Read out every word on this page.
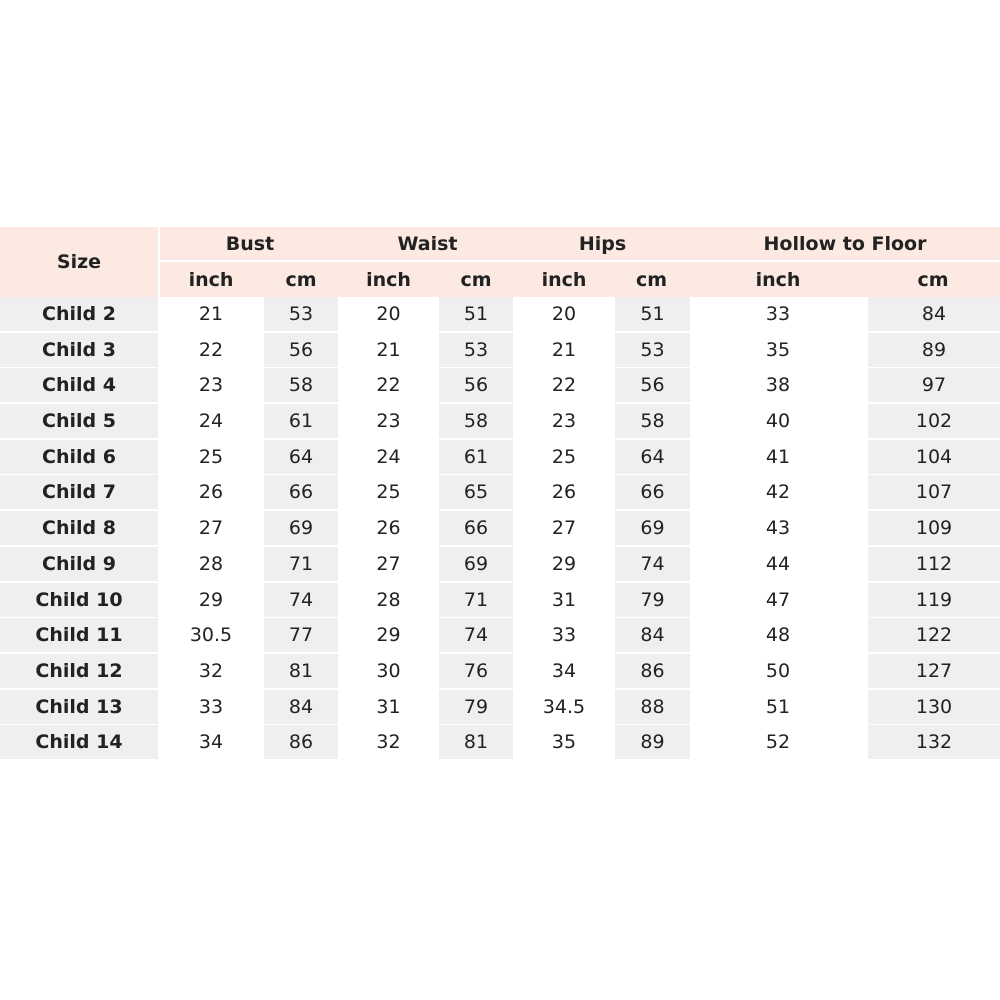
Size
Bust	Waist	Hips	Hollow to Floor
inch	cm	inch	cm	inch	cm	inch	cm
Child 2	21	53	20	51	20	51	33	84
Child 3	22	56	21	53	21	53	35	89
Child 4	23	58	22	56	22	56	38	97
Child 5	24	61	23	58	23	58	40	102
Child 6	25	64	24	61	25	64	41	104
Child 7	26	66	25	65	26	66	42	107
Child 8	27	69	26	66	27	69	43	109
Child 9	28	71	27	69	29	74	44	112
Child 10	29	74	28	71	31	79	47	119
Child 11	30.5	77	29	74	33	84	48	122
Child 12	32	81	30	76	34	86	50	127
Child 13	33	84	31	79	34.5	88	51	130
Child 14	34	86	32	81	35	89	52	132
